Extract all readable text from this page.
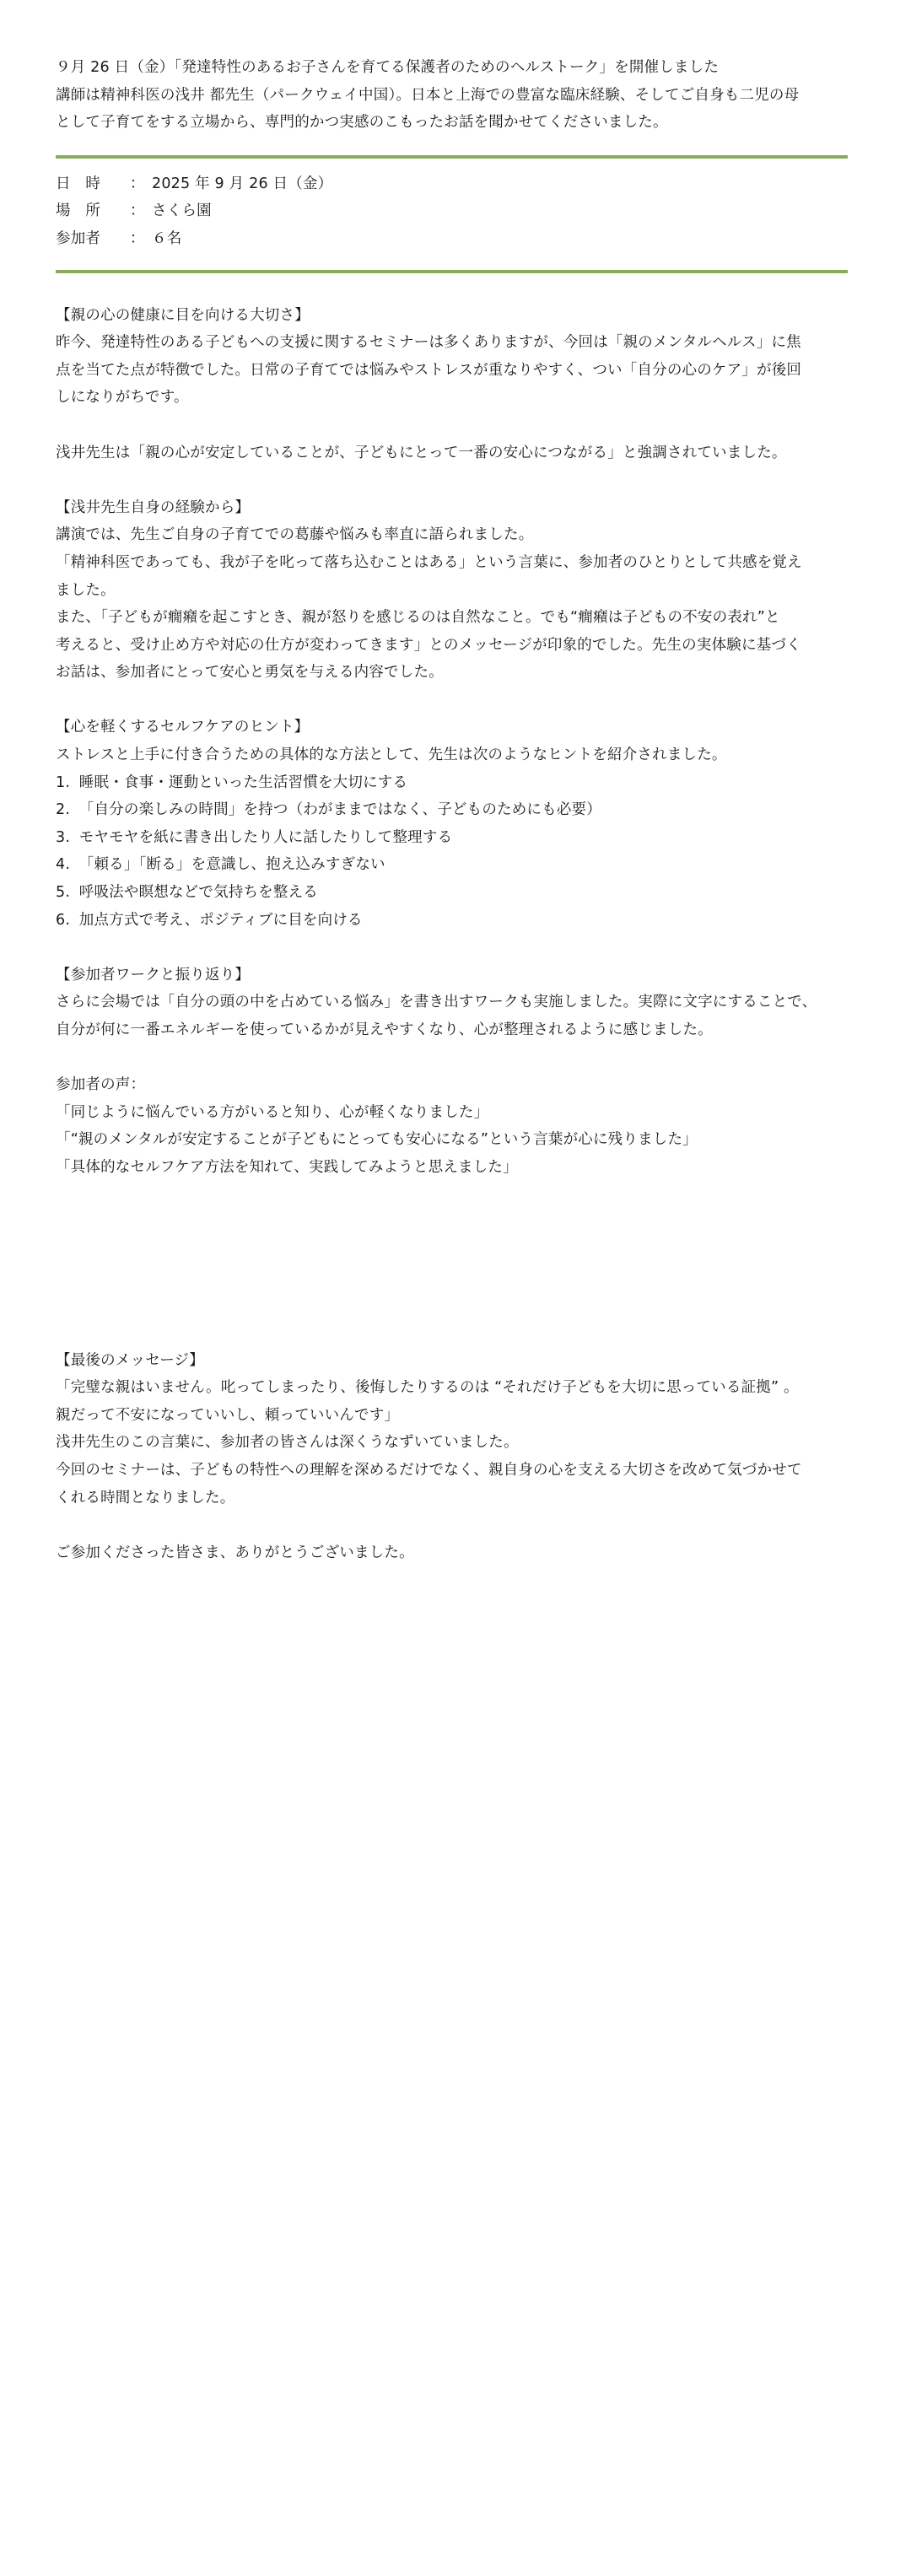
９月 26 日（金）「発達特性のあるお子さんを育てる保護者のためのヘルストーク」を開催しました
講師は精神科医の浅井 都先生（パークウェイ中国）。日本と上海での豊富な臨床経験、そしてご自身も二児の母
として子育てをする立場から、専門的かつ実感のこもったお話を聞かせてくださいました。
日　時	： 2025 年 9 月 26 日（金）
場　所	： さくら園
参加者	： ６名
【親の心の健康に目を向ける大切さ】
昨今、発達特性のある子どもへの支援に関するセミナーは多くありますが、今回は「親のメンタルヘルス」に焦
点を当てた点が特徴でした。日常の子育てでは悩みやストレスが重なりやすく、つい「自分の心のケア」が後回
しになりがちです。
浅井先生は「親の心が安定していることが、子どもにとって一番の安心につながる」と強調されていました。
【浅井先生自身の経験から】
講演では、先生ご自身の子育てでの葛藤や悩みも率直に語られました。
「精神科医であっても、我が子を叱って落ち込むことはある」という言葉に、参加者のひとりとして共感を覚え
ました。
また、「子どもが癇癪を起こすとき、親が怒りを感じるのは自然なこと。でも“癇癪は子どもの不安の表れ”と
考えると、受け止め方や対応の仕方が変わってきます」とのメッセージが印象的でした。先生の実体験に基づく
お話は、参加者にとって安心と勇気を与える内容でした。
【心を軽くするセルフケアのヒント】
ストレスと上手に付き合うための具体的な方法として、先生は次のようなヒントを紹介されました。
1. 睡眠・食事・運動といった生活習慣を大切にする
2. 「自分の楽しみの時間」を持つ（わがままではなく、子どものためにも必要）
3. モヤモヤを紙に書き出したり人に話したりして整理する
4. 「頼る」「断る」を意識し、抱え込みすぎない
5. 呼吸法や瞑想などで気持ちを整える
6. 加点方式で考え、ポジティブに目を向ける
【参加者ワークと振り返り】
さらに会場では「自分の頭の中を占めている悩み」を書き出すワークも実施しました。実際に文字にすることで、
自分が何に一番エネルギーを使っているかが見えやすくなり、心が整理されるように感じました。
参加者の声：
「同じように悩んでいる方がいると知り、心が軽くなりました」
「“親のメンタルが安定することが子どもにとっても安心になる”という言葉が心に残りました」
「具体的なセルフケア方法を知れて、実践してみようと思えました」
【最後のメッセージ】
「完璧な親はいません。叱ってしまったり、後悔したりするのは “それだけ子どもを大切に思っている証拠” 。
親だって不安になっていいし、頼っていいんです」
浅井先生のこの言葉に、参加者の皆さんは深くうなずいていました。
今回のセミナーは、子どもの特性への理解を深めるだけでなく、親自身の心を支える大切さを改めて気づかせて
くれる時間となりました。
ご参加くださった皆さま、ありがとうございました。
